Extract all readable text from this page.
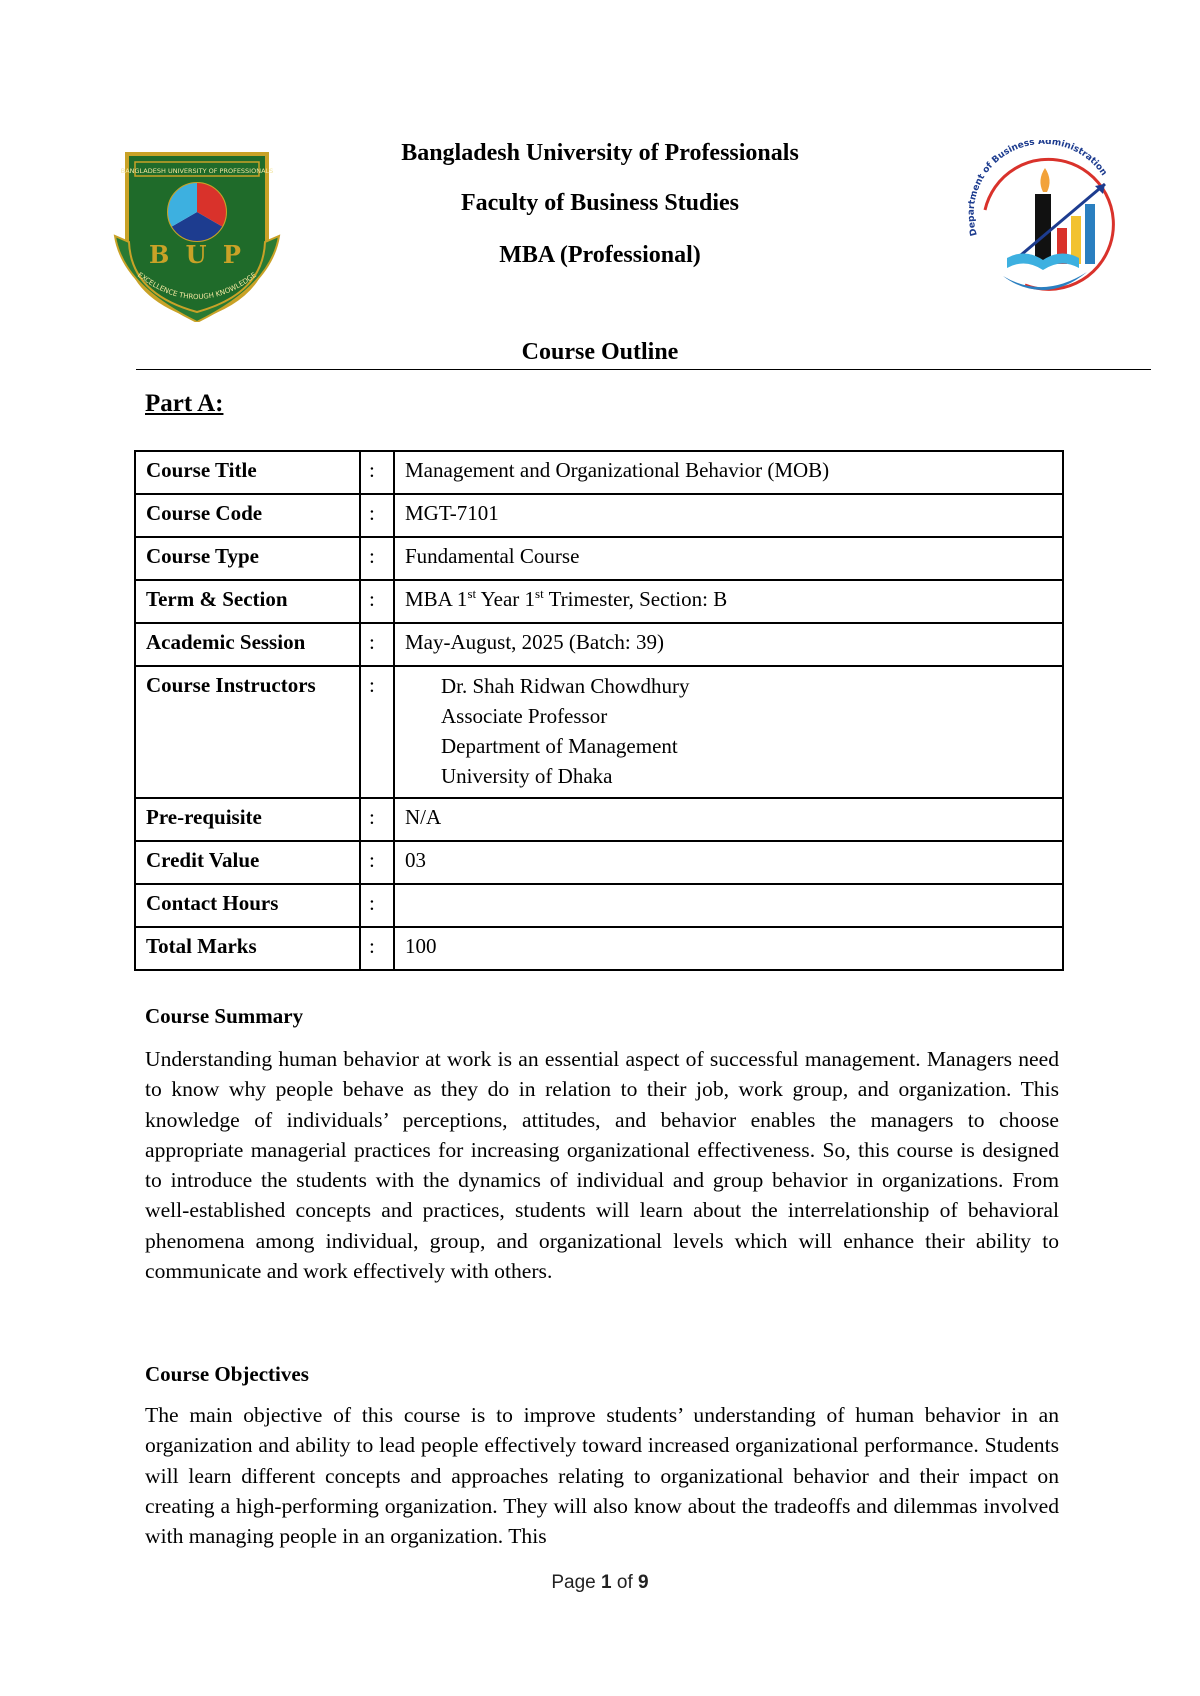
BANGLADESH UNIVERSITY OF PROFESSIONALS
B U P
EXCELLENCE THROUGH KNOWLEDGE
Department of Business Administration
Bangladesh University of Professionals
Faculty of Business Studies
MBA (Professional)
Course Outline
Part A:
Course Title	:	Management and Organizational Behavior (MOB)
Course Code	:	MGT-7101
Course Type	:	Fundamental Course
Term & Section	:	MBA 1st Year 1st Trimester, Section: B
Academic Session	:	May-August, 2025 (Batch: 39)
Course Instructors	:	Dr. Shah Ridwan Chowdhury
Associate Professor
Department of Management
University of Dhaka

Pre-requisite	:	N/A
Credit Value	:	03
Contact Hours	:	
Total Marks	:	100
Course Summary
Understanding human behavior at work is an essential aspect of successful management. Managers need to know why people behave as they do in relation to their job, work group, and organization. This knowledge of individuals’ perceptions, attitudes, and behavior enables the managers to choose appropriate managerial practices for increasing organizational effectiveness. So, this course is designed to introduce the students with the dynamics of individual and group behavior in organizations. From well-established concepts and practices, students will learn about the interrelationship of behavioral phenomena among individual, group, and organizational levels which will enhance their ability to communicate and work effectively with others.
Course Objectives
The main objective of this course is to improve students’ understanding of human behavior in an organization and ability to lead people effectively toward increased organizational performance. Students will learn different concepts and approaches relating to organizational behavior and their impact on creating a high-performing organization. They will also know about the tradeoffs and dilemmas involved with managing people in an organization. This
Page 1 of 9
